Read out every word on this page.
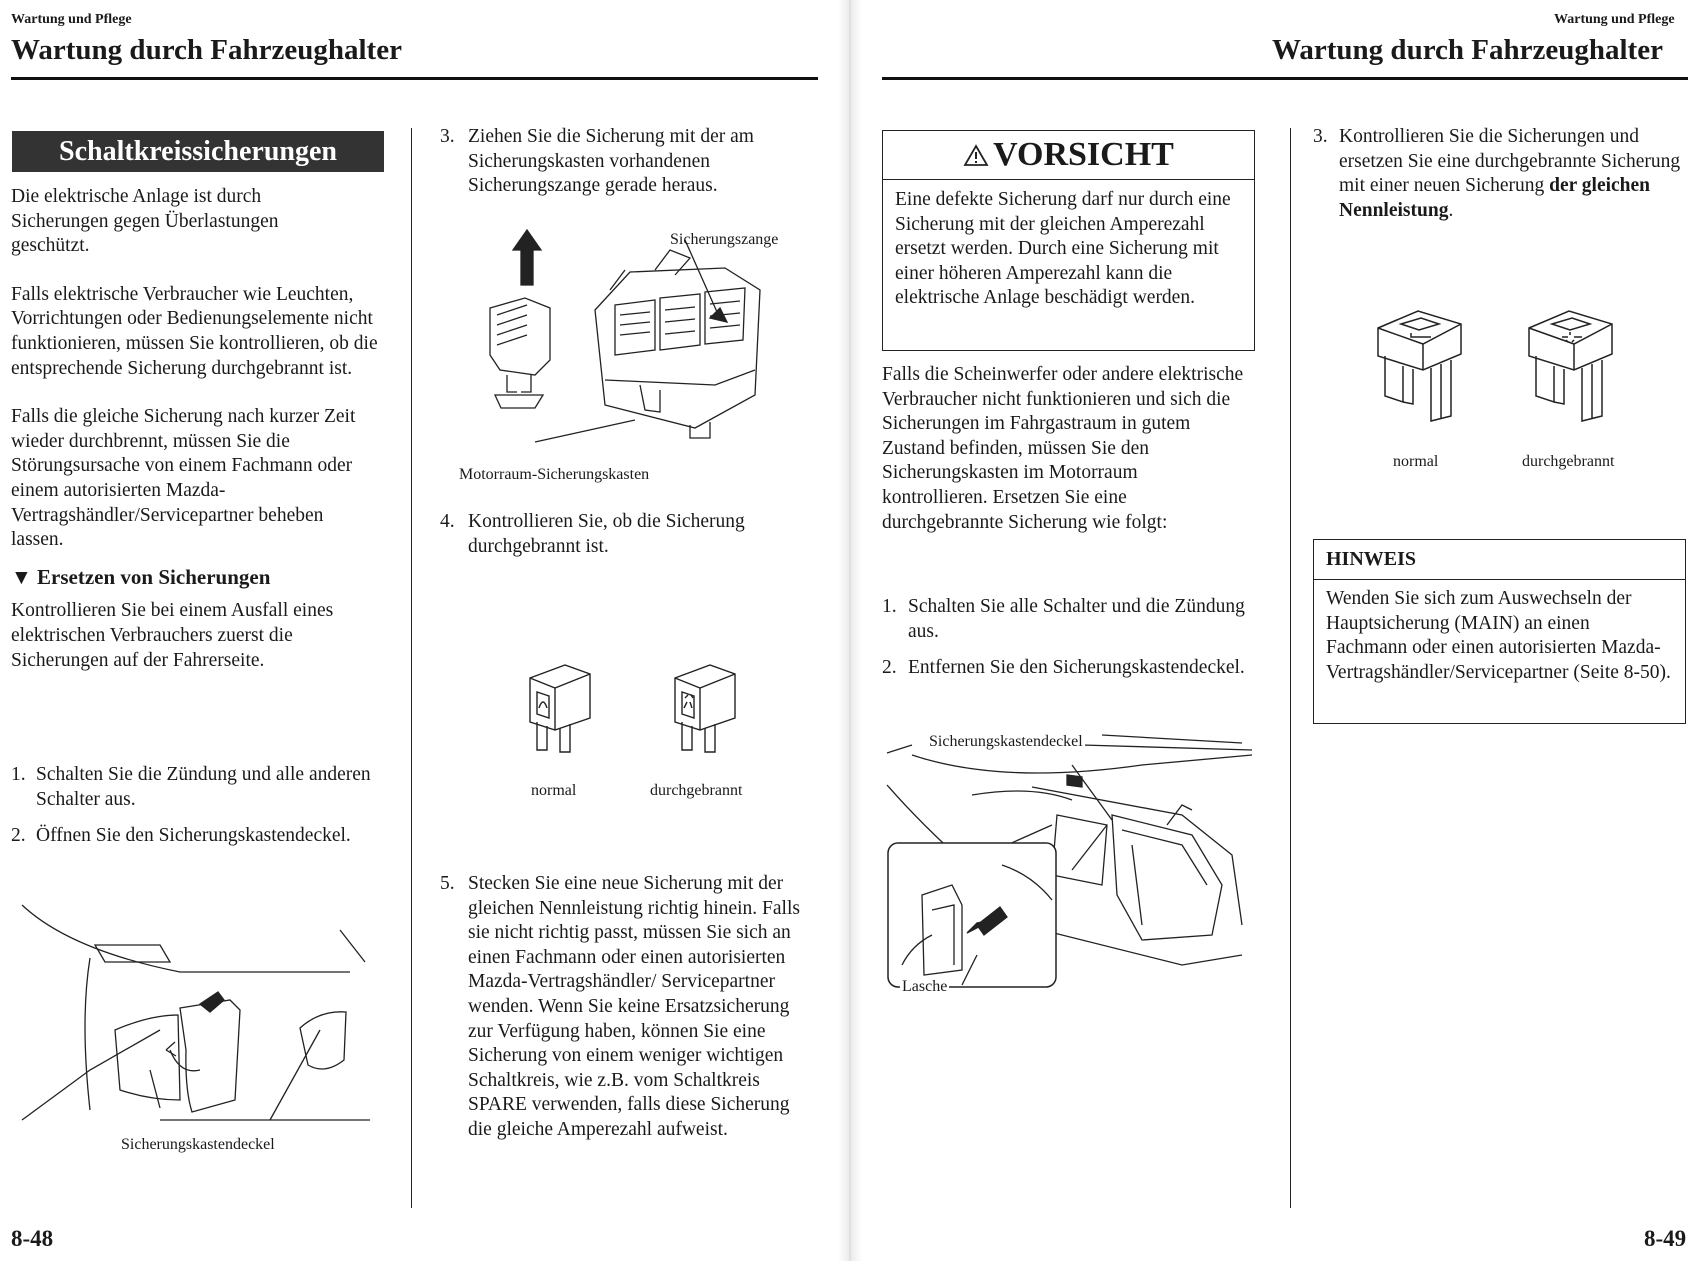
Wartung und Pflege
Wartung durch Fahrzeughalter
Schaltkreissicherungen

Die elektrische Anlage ist durch Sicherungen gegen Überlastungen geschützt.

Falls elektrische Verbraucher wie Leuchten, Vorrichtungen oder Bedienungselemente nicht funktionieren, müssen Sie kontrollieren, ob die entsprechende Sicherung durchgebrannt ist.

Falls die gleiche Sicherung nach kurzer Zeit wieder durchbrennt, müssen Sie die Störungsursache von einem Fachmann oder einem autorisierten Mazda-Vertragshändler/Servicepartner beheben lassen.

▼ Ersetzen von Sicherungen

Kontrollieren Sie bei einem Ausfall eines elektrischen Verbrauchers zuerst die Sicherungen auf der Fahrerseite.

1. Schalten Sie die Zündung und alle anderen Schalter aus.

2. Öffnen Sie den Sicherungskastendeckel.

Sicherungskastendeckel
3. Ziehen Sie die Sicherung mit der am Sicherungskasten vorhandenen Sicherungszange gerade heraus.

Sicherungszange
Motorraum-Sicherungskasten
4. Kontrollieren Sie, ob die Sicherung durchgebrannt ist.

normal	durchgebrannt
5. Stecken Sie eine neue Sicherung mit der gleichen Nennleistung richtig hinein. Falls sie nicht richtig passt, müssen Sie sich an einen Fachmann oder einen autorisierten Mazda-Vertragshändler/ Servicepartner wenden. Wenn Sie keine Ersatzsicherung zur Verfügung haben, können Sie eine Sicherung von einem weniger wichtigen Schaltkreis, wie z.B. vom Schaltkreis SPARE verwenden, falls diese Sicherung die gleiche Amperezahl aufweist.

8-48
Wartung und Pflege
Wartung durch Fahrzeughalter
VORSICHT

Eine defekte Sicherung darf nur durch eine Sicherung mit der gleichen Amperezahl ersetzt werden. Durch eine Sicherung mit einer höheren Amperezahl kann die elektrische Anlage beschädigt werden.

Falls die Scheinwerfer oder andere elektrische Verbraucher nicht funktionieren und sich die Sicherungen im Fahrgastraum in gutem Zustand befinden, müssen Sie den Sicherungskasten im Motorraum kontrollieren. Ersetzen Sie eine durchgebrannte Sicherung wie folgt:

1. Schalten Sie alle Schalter und die Zündung aus.

2. Entfernen Sie den Sicherungskastendeckel.

Sicherungskastendeckel
Lasche
3. Kontrollieren Sie die Sicherungen und ersetzen Sie eine durchgebrannte Sicherung mit einer neuen Sicherung der gleichen Nennleistung.

normal	durchgebrannt
HINWEIS

Wenden Sie sich zum Auswechseln der Hauptsicherung (MAIN) an einen Fachmann oder einen autorisierten Mazda-Vertragshändler/Servicepartner (Seite 8-50).

8-49
